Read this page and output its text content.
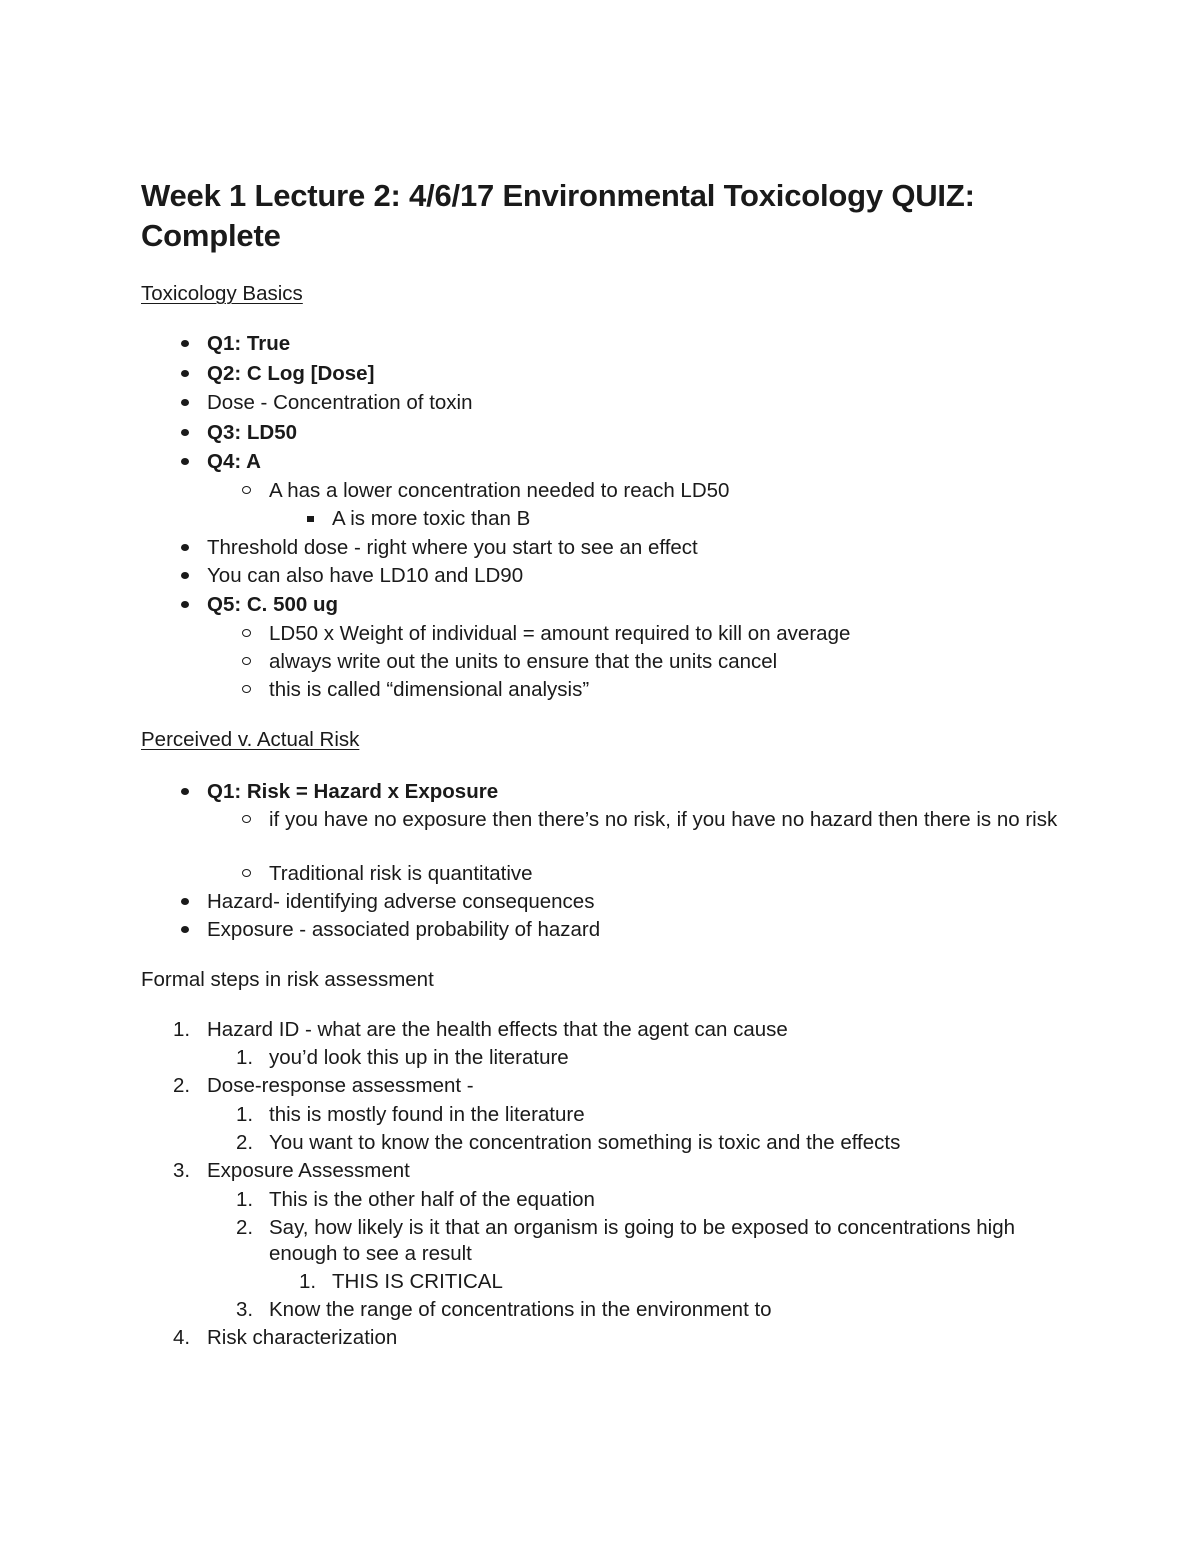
Week 1 Lecture 2: 4/6/17 Environmental Toxicology QUIZ: Complete
Toxicology Basics
Q1: True
Q2: C Log [Dose]
Dose - Concentration of toxin
Q3: LD50
Q4: A
A has a lower concentration needed to reach LD50
A is more toxic than B
Threshold dose - right where you start to see an effect
You can also have LD10 and LD90
Q5: C. 500 ug
LD50 x Weight of individual = amount required to kill on average
always write out the units to ensure that the units cancel
this is called “dimensional analysis”
Perceived v. Actual Risk
Q1: Risk = Hazard x Exposure
if you have no exposure then there’s no risk, if you have no hazard then there is no risk
Traditional risk is quantitative
Hazard- identifying adverse consequences
Exposure - associated probability of hazard
Formal steps in risk assessment
1. Hazard ID - what are the health effects that the agent can cause
1. you’d look this up in the literature
2. Dose-response assessment -
1. this is mostly found in the literature
2. You want to know the concentration something is toxic and the effects
3. Exposure Assessment
1. This is the other half of the equation
2. Say, how likely is it that an organism is going to be exposed to concentrations high enough to see a result
1. THIS IS CRITICAL
3. Know the range of concentrations in the environment to
4. Risk characterization
